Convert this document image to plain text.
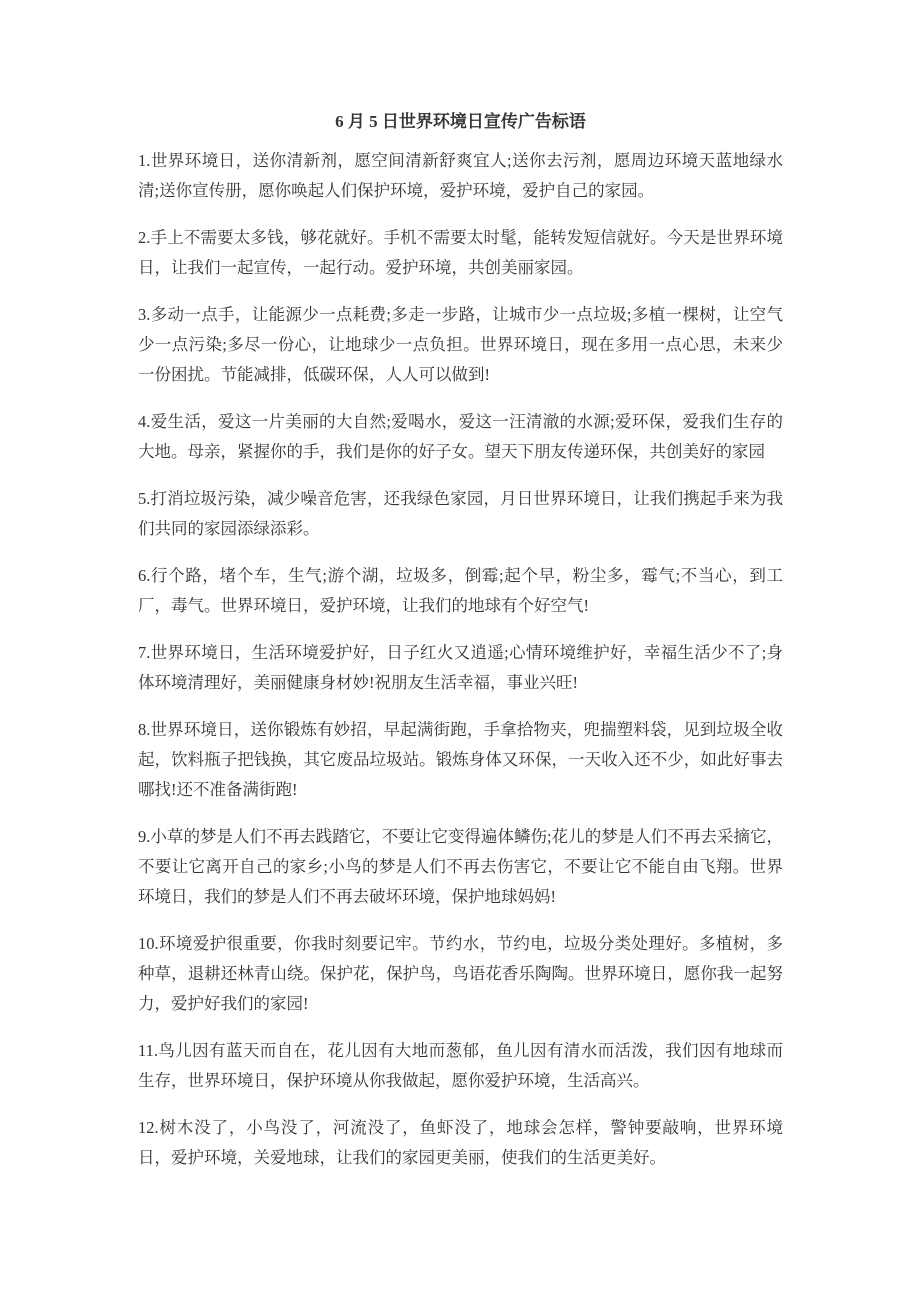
6 月 5 日世界环境日宣传广告标语

1.世界环境日，送你清新剂，愿空间清新舒爽宜人;送你去污剂，愿周边环境天蓝地绿水清;送你宣传册，愿你唤起人们保护环境，爱护环境，爱护自己的家园。

2.手上不需要太多钱，够花就好。手机不需要太时髦，能转发短信就好。今天是世界环境日，让我们一起宣传，一起行动。爱护环境，共创美丽家园。

3.多动一点手，让能源少一点耗费;多走一步路，让城市少一点垃圾;多植一棵树，让空气少一点污染;多尽一份心，让地球少一点负担。世界环境日，现在多用一点心思，未来少一份困扰。节能减排，低碳环保，人人可以做到!

4.爱生活，爱这一片美丽的大自然;爱喝水，爱这一汪清澈的水源;爱环保，爱我们生存的大地。母亲，紧握你的手，我们是你的好子女。望天下朋友传递环保，共创美好的家园

5.打消垃圾污染，减少噪音危害，还我绿色家园，月日世界环境日，让我们携起手来为我们共同的家园添绿添彩。

6.行个路，堵个车，生气;游个湖，垃圾多，倒霉;起个早，粉尘多，霉气;不当心，到工厂，毒气。世界环境日，爱护环境，让我们的地球有个好空气!

7.世界环境日，生活环境爱护好，日子红火又逍遥;心情环境维护好，幸福生活少不了;身体环境清理好，美丽健康身材妙!祝朋友生活幸福，事业兴旺!

8.世界环境日，送你锻炼有妙招，早起满街跑，手拿拾物夹，兜揣塑料袋，见到垃圾全收起，饮料瓶子把钱换，其它废品垃圾站。锻炼身体又环保，一天收入还不少，如此好事去哪找!还不准备满街跑!

9.小草的梦是人们不再去践踏它，不要让它变得遍体鳞伤;花儿的梦是人们不再去采摘它，不要让它离开自己的家乡;小鸟的梦是人们不再去伤害它，不要让它不能自由飞翔。世界环境日，我们的梦是人们不再去破坏环境，保护地球妈妈!

10.环境爱护很重要，你我时刻要记牢。节约水，节约电，垃圾分类处理好。多植树，多种草，退耕还林青山绕。保护花，保护鸟，鸟语花香乐陶陶。世界环境日，愿你我一起努力，爱护好我们的家园!

11.鸟儿因有蓝天而自在，花儿因有大地而葱郁，鱼儿因有清水而活泼，我们因有地球而生存，世界环境日，保护环境从你我做起，愿你爱护环境，生活高兴。

12.树木没了，小鸟没了，河流没了，鱼虾没了，地球会怎样，警钟要敲响，世界环境日，爱护环境，关爱地球，让我们的家园更美丽，使我们的生活更美好。
